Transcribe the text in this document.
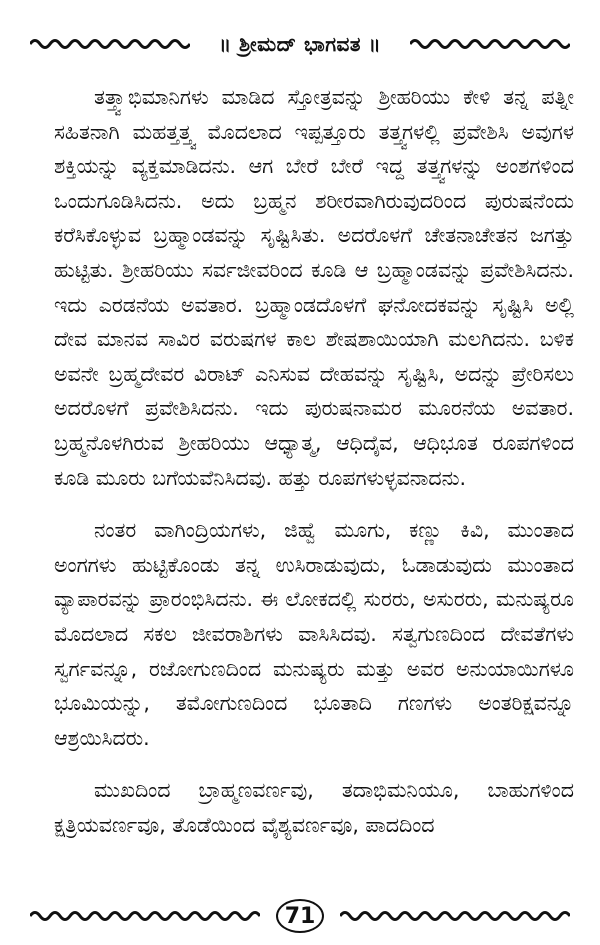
॥ ಶ್ರೀಮದ್ ಭಾಗವತ ॥

ತತ್ತ್ವಾಭಿಮಾನಿಗಳು ಮಾಡಿದ ಸ್ತೋತ್ರವನ್ನು ಶ್ರೀಹರಿಯು ಕೇಳಿ ತನ್ನ ಪತ್ನೀ ಸಹಿತನಾಗಿ ಮಹತ್ತತ್ತ್ವ ಮೊದಲಾದ ಇಪ್ಪತ್ತೂರು ತತ್ತ್ವಗಳಲ್ಲಿ ಪ್ರವೇಶಿಸಿ ಅವುಗಳ ಶಕ್ತಿಯನ್ನು ವ್ಯಕ್ತಮಾಡಿದನು. ಆಗ ಬೇರೆ ಬೇರೆ ಇದ್ದ ತತ್ತ್ವಗಳನ್ನು ಅಂಶಗಳಿಂದ ಒಂದುಗೂಡಿಸಿದನು. ಅದು ಬ್ರಹ್ಮನ ಶರೀರವಾಗಿರುವುದರಿಂದ ಪುರುಷನೆಂದು ಕರೆಸಿಕೊಳ್ಳುವ ಬ್ರಹ್ಮಾಂಡವನ್ನು ಸೃಷ್ಟಿಸಿತು. ಅದರೊಳಗೆ ಚೇತನಾಚೇತನ ಜಗತ್ತು ಹುಟ್ಟಿತು. ಶ್ರೀಹರಿಯು ಸರ್ವಜೀವರಿಂದ ಕೂಡಿ ಆ ಬ್ರಹ್ಮಾಂಡವನ್ನು ಪ್ರವೇಶಿಸಿದನು. ಇದು ಎರಡನೆಯ ಅವತಾರ. ಬ್ರಹ್ಮಾಂಡದೊಳಗೆ ಘನೋದಕವನ್ನು ಸೃಷ್ಟಿಸಿ ಅಲ್ಲಿ ದೇವ ಮಾನವ ಸಾವಿರ ವರುಷಗಳ ಕಾಲ ಶೇಷಶಾಯಿಯಾಗಿ ಮಲಗಿದನು. ಬಳಿಕ ಅವನೇ ಬ್ರಹ್ಮದೇವರ ವಿರಾಟ್ ಎನಿಸುವ ದೇಹವನ್ನು ಸೃಷ್ಟಿಸಿ, ಅದನ್ನು ಪ್ರೇರಿಸಲು ಅದರೊಳಗೆ ಪ್ರವೇಶಿಸಿದನು. ಇದು ಪುರುಷನಾಮರ ಮೂರನೆಯ ಅವತಾರ. ಬ್ರಹ್ಮನೊಳಗಿರುವ ಶ್ರೀಹರಿಯು ಆಧ್ಯಾತ್ಮ, ಆಧಿದೈವ, ಆಧಿಭೂತ ರೂಪಗಳಿಂದ ಕೂಡಿ ಮೂರು ಬಗೆಯವೆನಿಸಿದವು. ಹತ್ತು ರೂಪಗಳುಳ್ಳವನಾದನು.

ನಂತರ ವಾಗಿಂದ್ರಿಯಗಳು, ಜಿಹ್ವೆ ಮೂಗು, ಕಣ್ಣು ಕಿವಿ, ಮುಂತಾದ ಅಂಗಗಳು ಹುಟ್ಟಿಕೊಂಡು ತನ್ನ ಉಸಿರಾಡುವುದು, ಓಡಾಡುವುದು ಮುಂತಾದ ವ್ಯಾಪಾರವನ್ನು ಪ್ರಾರಂಭಿಸಿದನು. ಈ ಲೋಕದಲ್ಲಿ ಸುರರು, ಅಸುರರು, ಮನುಷ್ಯರೂ ಮೊದಲಾದ ಸಕಲ ಜೀವರಾಶಿಗಳು ವಾಸಿಸಿದವು. ಸತ್ವಗುಣದಿಂದ ದೇವತೆಗಳು ಸ್ವರ್ಗವನ್ನೂ, ರಜೋಗುಣದಿಂದ ಮನುಷ್ಯರು ಮತ್ತು ಅವರ ಅನುಯಾಯಿಗಳೂ ಭೂಮಿಯನ್ನು, ತಮೋಗುಣದಿಂದ ಭೂತಾದಿ ಗಣಗಳು ಅಂತರಿಕ್ಷವನ್ನೂ ಆಶ್ರಯಿಸಿದರು.

ಮುಖದಿಂದ ಬ್ರಾಹ್ಮಣವರ್ಣವು, ತದಾಭಿಮನಿಯೂ, ಬಾಹುಗಳಿಂದ ಕ್ಷತ್ರಿಯವರ್ಣವೂ, ತೊಡೆಯಿಂದ ವೈಶ್ಯವರ್ಣವೂ, ಪಾದದಿಂದ

71
